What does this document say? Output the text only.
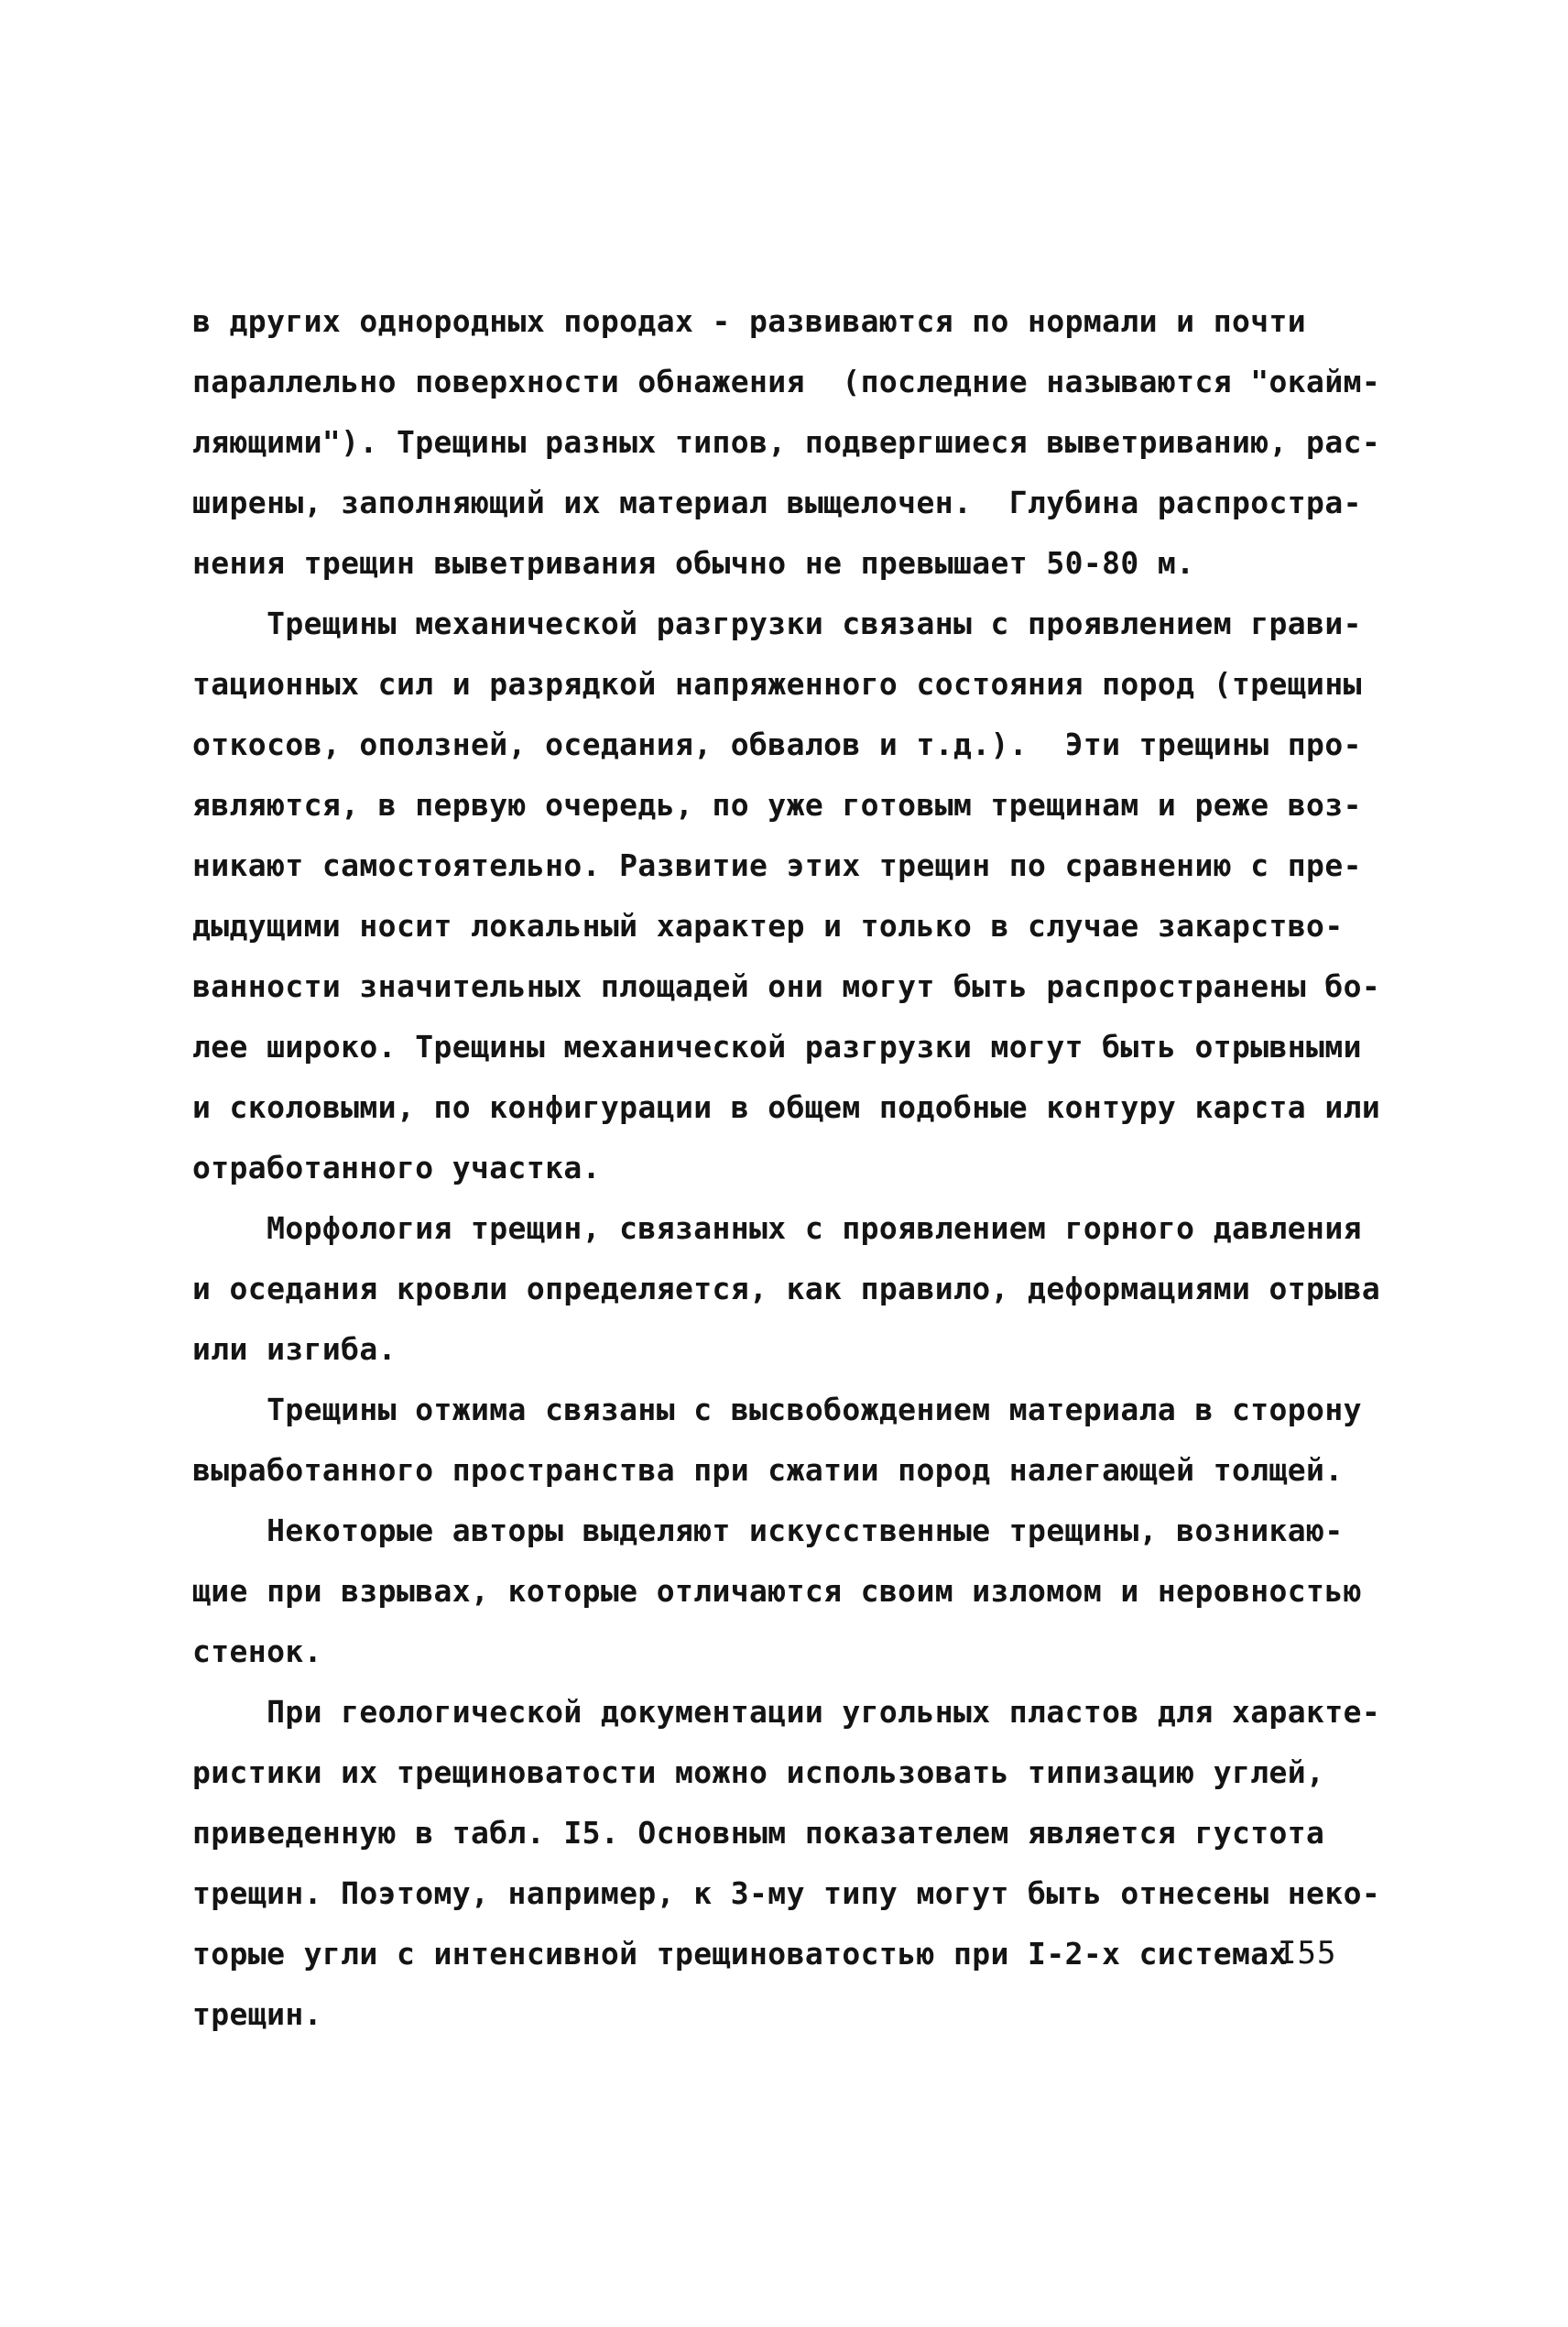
в других однородных породах - развиваются по нормали и почти
параллельно поверхности обнажения  (последние называются "окайм-
ляющими"). Трещины разных типов, подвергшиеся выветриванию, рас-
ширены, заполняющий их материал выщелочен.  Глубина распростра-
нения трещин выветривания обычно не превышает 50-80 м.
Трещины механической разгрузки связаны с проявлением грави-
тационных сил и разрядкой напряженного состояния пород (трещины
откосов, оползней, оседания, обвалов и т.д.).  Эти трещины про-
являются, в первую очередь, по уже готовым трещинам и реже воз-
никают самостоятельно. Развитие этих трещин по сравнению с пре-
дыдущими носит локальный характер и только в случае закарство-
ванности значительных площадей они могут быть распространены бо-
лее широко. Трещины механической разгрузки могут быть отрывными
и сколовыми, по конфигурации в общем подобные контуру карста или
отработанного участка.
Морфология трещин, связанных с проявлением горного давления
и оседания кровли определяется, как правило, деформациями отрыва
или изгиба.
Трещины отжима связаны с высвобождением материала в сторону
выработанного пространства при сжатии пород налегающей толщей.
Некоторые авторы выделяют искусственные трещины, возникаю-
щие при взрывах, которые отличаются своим изломом и неровностью
стенок.
При геологической документации угольных пластов для характе-
ристики их трещиноватости можно использовать типизацию углей,
приведенную в табл. I5. Основным показателем является густота
трещин. Поэтому, например, к 3-му типу могут быть отнесены неко-
торые угли с интенсивной трещиноватостью при I-2-х системах
трещин.
I55
